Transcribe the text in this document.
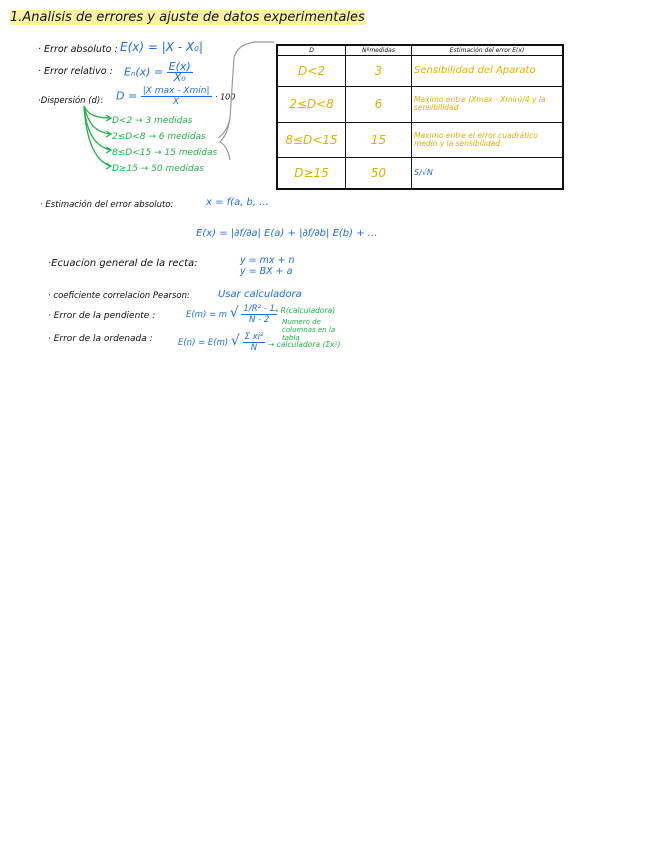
1.Analisis de errores y ajuste de datos experimentales
· Error absoluto : E(x) = |X - X₀|
· Error relativo : $E_n(x) = \frac{E(x)}{\text{X₀}}$
·Dispersión (d): $D = \frac{\text{|X max - Xmin|}}{X̄} \cdot 100$
D<2 → 3 medidas
2≤D<8 → 6 medidas
8≤D<15 → 15 medidas
D≥15 → 50 medidas
D	Nºmedidas	Estimación del error E(x)
D<2	3	Sensibilidad del Aparato
2≤D<8	6	Maximo entre (Xmax - Xmin)/4 y la sensibilidad
8≤D<15	15	Maximo entre el error cuadrático medio y la sensibilidad
D≥15	50	S/√N
· Estimación del error absoluto:	x = f(a, b, ...
E(x) = |∂f/∂a| E(a) + |∂f/∂b| E(b) + ...
·Ecuacion general de la recta:	y = mx + n
y = BX + a
· coeficiente correlacion Pearson:	Usar calculadora
· Error de la pendiente :	E(m) = m √ $\frac{\text{1/R² - 1}}{N - 2}$
→ R(calculadora)
Numero de columnas en la tabla
· Error de la ordenada :	E(n) = E(m) √ $\frac{\text{Σ xi²}}{N}$ → calculadora (Σx²)
